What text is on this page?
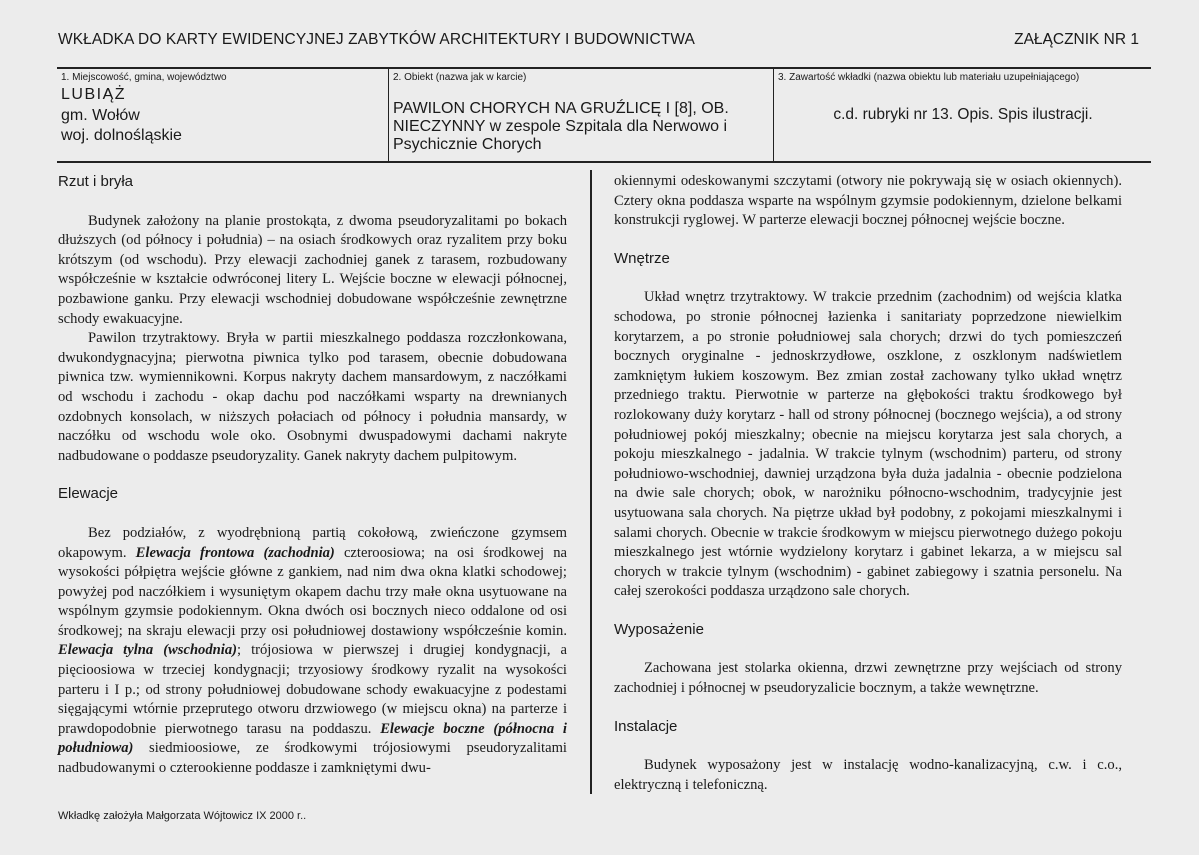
WKŁADKA DO KARTY EWIDENCYJNEJ ZABYTKÓW ARCHITEKTURY I BUDOWNICTWA	ZAŁĄCZNIK NR 1
1. Miejscowość, gmina, województwo
LUBIĄŻ
gm. Wołów
woj. dolnośląskie
2. Obiekt (nazwa jak w karcie)
PAWILON CHORYCH NA GRUŹLICĘ I [8], OB. NIECZYNNY w zespole Szpitala dla Nerwowo i Psychicznie Chorych
3. Zawartość wkładki (nazwa obiektu lub materiału uzupełniającego)
c.d. rubryki nr 13. Opis. Spis ilustracji.
Rzut i bryła

Budynek założony na planie prostokąta, z dwoma pseudoryzalitami po bokach dłuższych (od północy i południa) – na osiach środkowych oraz ryzalitem przy boku krótszym (od wschodu). Przy elewacji zachodniej ganek z tarasem, rozbudowany współcześnie w kształcie odwróconej litery L. Wejście boczne w elewacji północnej, pozbawione ganku. Przy elewacji wschodniej dobudowane współcześnie zewnętrzne schody ewakuacyjne.

Pawilon trzytraktowy. Bryła w partii mieszkalnego poddasza rozczłonkowana, dwukondygnacyjna; pierwotna piwnica tylko pod tarasem, obecnie dobudowana piwnica tzw. wymiennikowni. Korpus nakryty dachem mansardowym, z naczółkami od wschodu i zachodu - okap dachu pod naczółkami wsparty na drewnianych ozdobnych konsolach, w niższych połaciach od północy i południa mansardy, w naczółku od wschodu wole oko. Osobnymi dwuspadowymi dachami nakryte nadbudowane o poddasze pseudoryzality. Ganek nakryty dachem pulpitowym.

Elewacje

Bez podziałów, z wyodrębnioną partią cokołową, zwieńczone gzymsem okapowym. Elewacja frontowa (zachodnia) czteroosiowa; na osi środkowej na wysokości półpiętra wejście główne z gankiem, nad nim dwa okna klatki schodowej; powyżej pod naczółkiem i wysuniętym okapem dachu trzy małe okna usytuowane na wspólnym gzymsie podokiennym. Okna dwóch osi bocznych nieco oddalone od osi środkowej; na skraju elewacji przy osi południowej dostawiony współcześnie komin. Elewacja tylna (wschodnia); trójosiowa w pierwszej i drugiej kondygnacji, a pięcioosiowa w trzeciej kondygnacji; trzyosiowy środkowy ryzalit na wysokości parteru i I p.; od strony południowej dobudowane schody ewakuacyjne z podestami sięgającymi wtórnie przeprutego otworu drzwiowego (w miejscu okna) na parterze i prawdopodobnie pierwotnego tarasu na poddaszu. Elewacje boczne (północna i południowa) siedmioosiowe, ze środkowymi trójosiowymi pseudoryzalitami nadbudowanymi o czterookienne poddasze i zamkniętymi dwu-

okiennymi odeskowanymi szczytami (otwory nie pokrywają się w osiach okiennych). Cztery okna poddasza wsparte na wspólnym gzymsie podokiennym, dzielone belkami konstrukcji ryglowej. W parterze elewacji bocznej północnej wejście boczne.

Wnętrze

Układ wnętrz trzytraktowy. W trakcie przednim (zachodnim) od wejścia klatka schodowa, po stronie północnej łazienka i sanitariaty poprzedzone niewielkim korytarzem, a po stronie południowej sala chorych; drzwi do tych pomieszczeń bocznych oryginalne - jednoskrzydłowe, oszklone, z oszklonym nadświetlem zamkniętym łukiem koszowym. Bez zmian został zachowany tylko układ wnętrz przedniego traktu. Pierwotnie w parterze na głębokości traktu środkowego był rozlokowany duży korytarz - hall od strony północnej (bocznego wejścia), a od strony południowej pokój mieszkalny; obecnie na miejscu korytarza jest sala chorych, a pokoju mieszkalnego - jadalnia. W trakcie tylnym (wschodnim) parteru, od strony południowo-wschodniej, dawniej urządzona była duża jadalnia - obecnie podzielona na dwie sale chorych; obok, w narożniku północno-wschodnim, tradycyjnie jest usytuowana sala chorych. Na piętrze układ był podobny, z pokojami mieszkalnymi i salami chorych. Obecnie w trakcie środkowym w miejscu pierwotnego dużego pokoju mieszkalnego jest wtórnie wydzielony korytarz i gabinet lekarza, a w miejscu sal chorych w trakcie tylnym (wschodnim) - gabinet zabiegowy i szatnia personelu. Na całej szerokości poddasza urządzono sale chorych.

Wyposażenie

Zachowana jest stolarka okienna, drzwi zewnętrzne przy wejściach od strony zachodniej i północnej w pseudoryzalicie bocznym, a także wewnętrzne.

Instalacje

Budynek wyposażony jest w instalację wodno-kanalizacyjną, c.w. i c.o., elektryczną i telefoniczną.

Wkładkę założyła Małgorzata Wójtowicz IX 2000 r..
